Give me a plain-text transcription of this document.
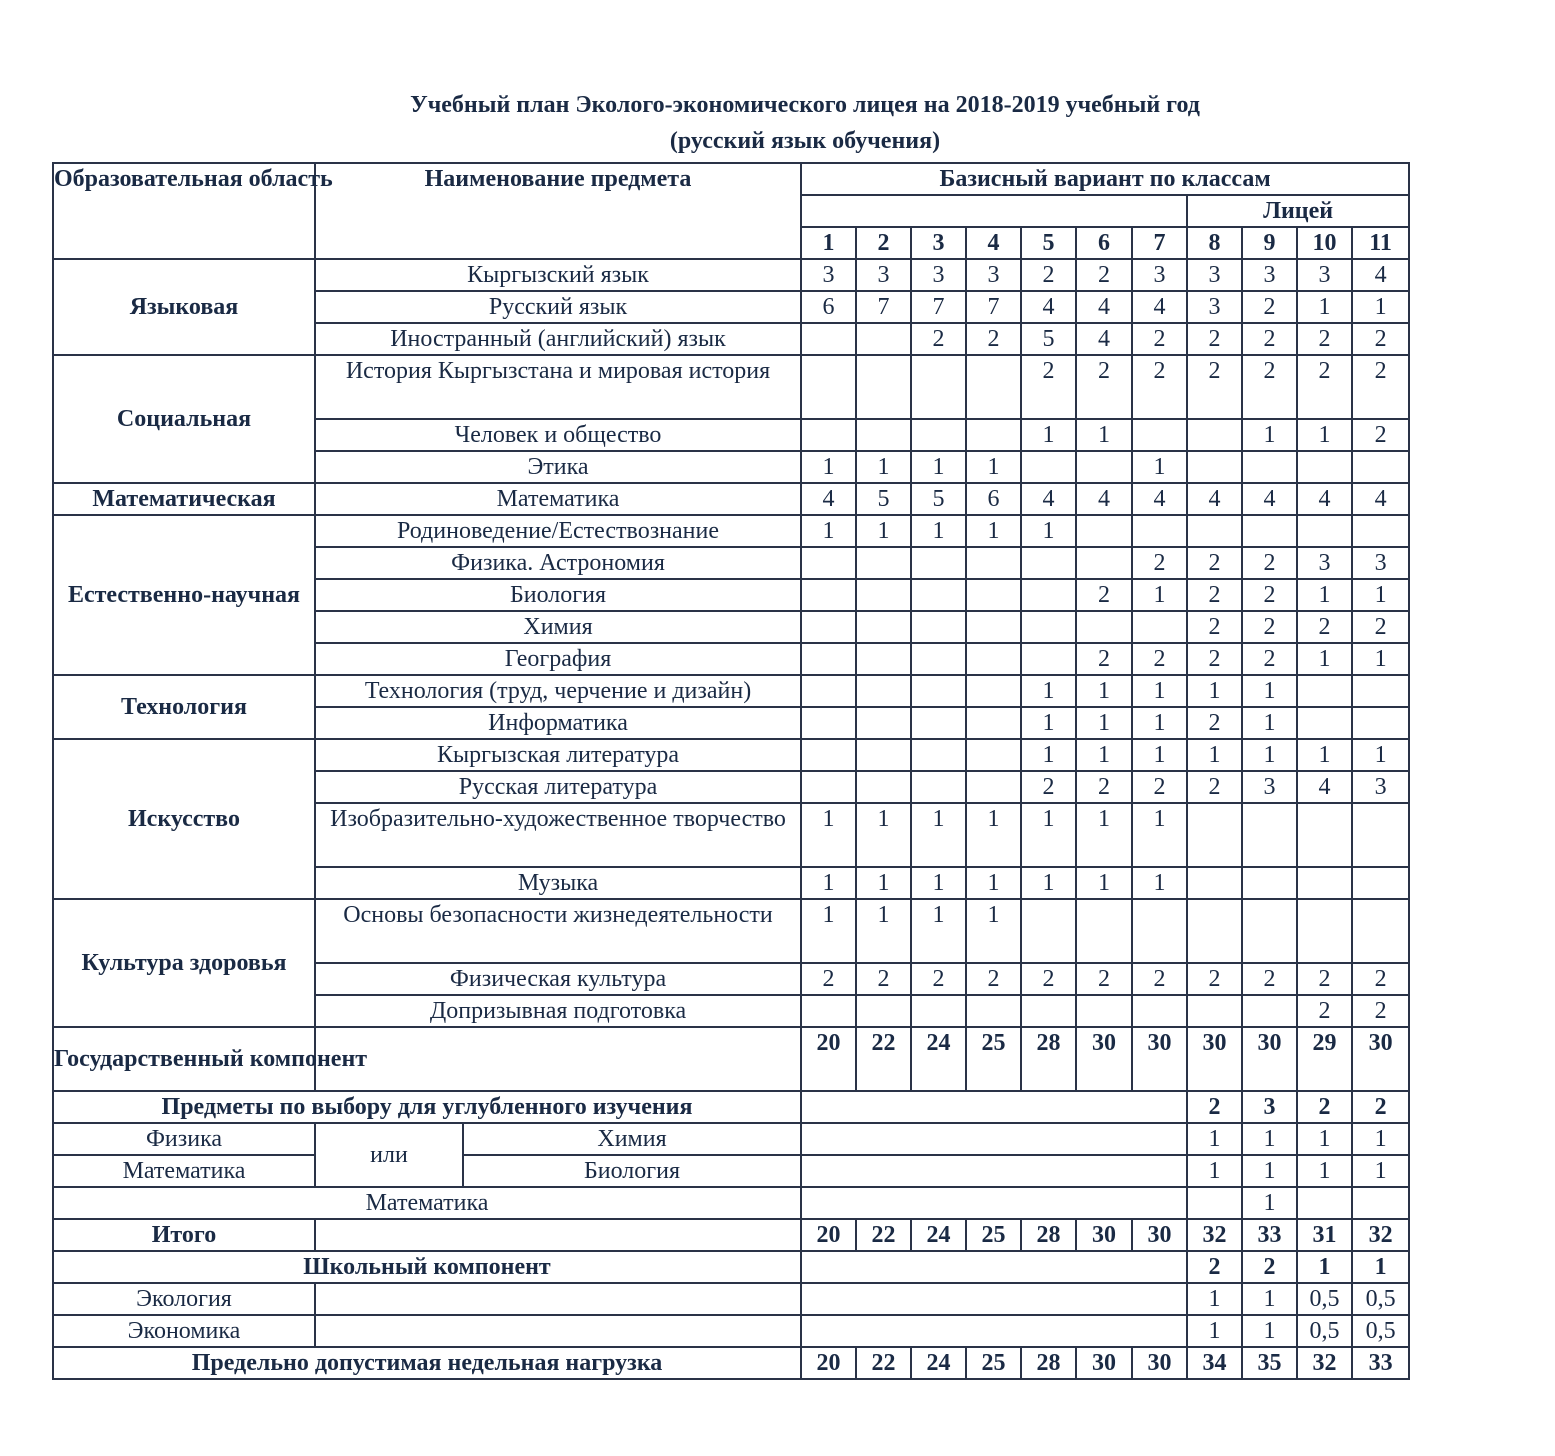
Учебный план Эколого-экономического лицея на 2018-2019 учебный год
(русский язык обучения)
Образовательная область	Наименование предмета		Базисный вариант по классам										
										Лицей			
			1	2	3	4	5	6	7	8	9	10	11
Языковая	Кыргызский язык		3	3	3	3	2	2	3	3	3	3	4
	Русский язык		6	7	7	7	4	4	4	3	2	1	1
	Иностранный (английский) язык				2	2	5	4	2	2	2	2	2
Социальная	История Кыргызстана и мировая история						2	2	2	2	2	2	2
	Человек и общество						1	1			1	1	2
	Этика		1	1	1	1			1				
Математическая	Математика		4	5	5	6	4	4	4	4	4	4	4
Естественно-научная	Родиноведение/Естествознание		1	1	1	1	1						
	Физика. Астрономия								2	2	2	3	3
	Биология							2	1	2	2	1	1
	Химия									2	2	2	2
	География							2	2	2	2	1	1
Технология	Технология (труд, черчение и дизайн)						1	1	1	1	1		
	Информатика						1	1	1	2	1		
Искусство	Кыргызская литература						1	1	1	1	1	1	1
	Русская литература						2	2	2	2	3	4	3
	Изобразительно-художественное творчество		1	1	1	1	1	1	1				
	Музыка		1	1	1	1	1	1	1				
Культура здоровья	Основы безопасности жизнедеятельности		1	1	1	1							
	Физическая культура		2	2	2	2	2	2	2	2	2	2	2
	Допризывная подготовка											2	2
Государственный компонент			20	22	24	25	28	30	30	30	30	29	30
Предметы по выбору для углубленного изучения										2	3	2	2
Физика	или	Химия								1	1	1	1
Математика		Биология								1	1	1	1
Математика											1		
Итого			20	22	24	25	28	30	30	32	33	31	32
Школьный компонент										2	2	1	1
Экология										1	1	0,5	0,5
Экономика										1	1	0,5	0,5
Предельно допустимая недельная нагрузка			20	22	24	25	28	30	30	34	35	32	33
